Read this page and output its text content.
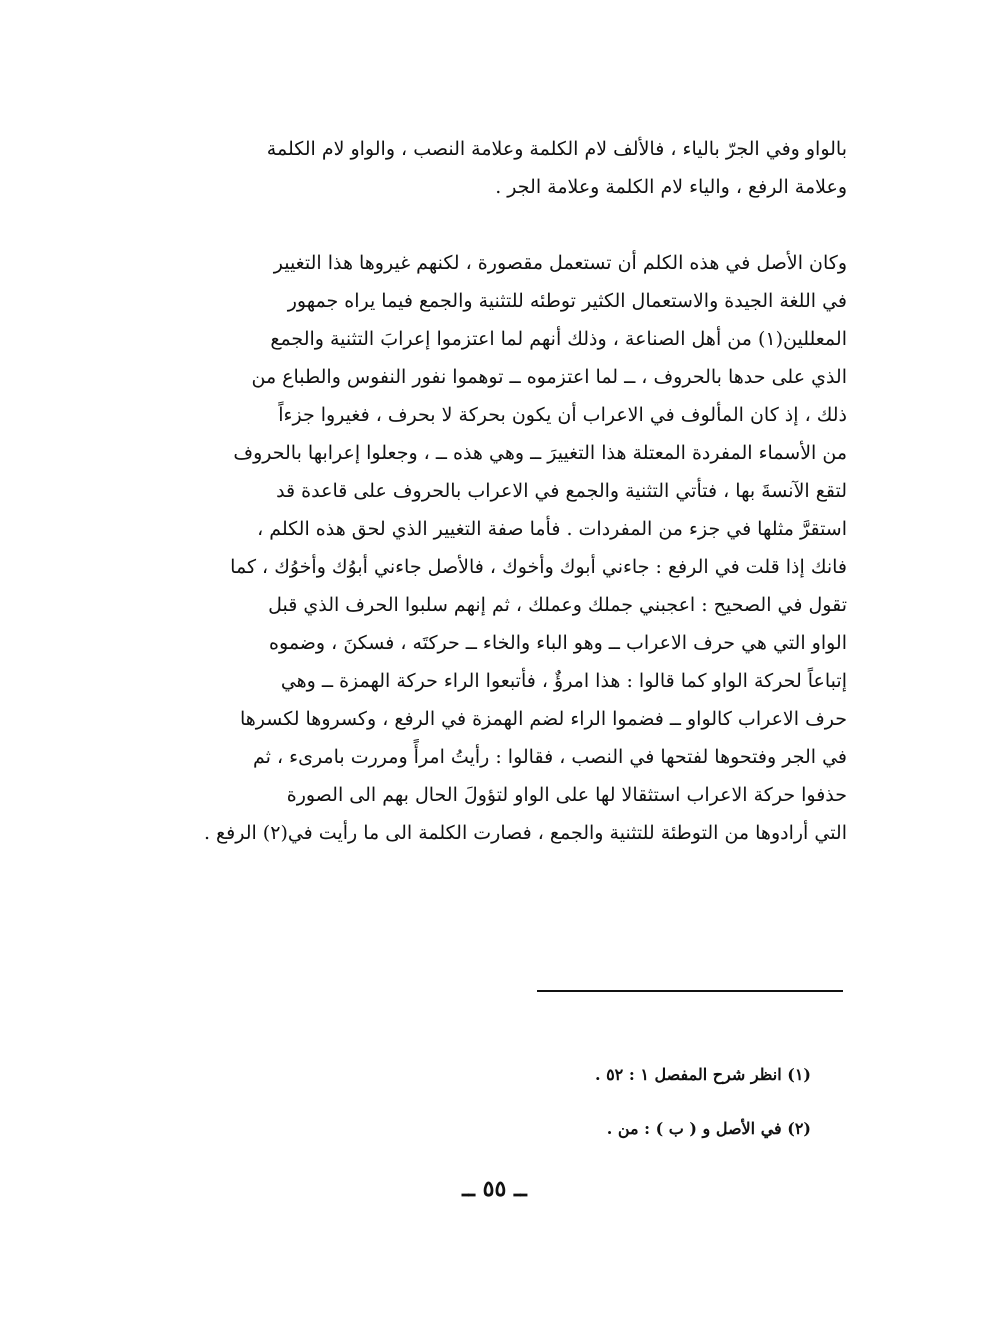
بالواو وفي الجرّ بالياء ، فالألف لام الكلمة وعلامة النصب ، والواو لام الكلمة
وعلامة الرفع ، والياء لام الكلمة وعلامة الجر .
وكان الأصل في هذه الكلم أن تستعمل مقصورة ، لكنهم غيروها هذا التغيير
في اللغة الجيدة والاستعمال الكثير توطئه للتثنية والجمع فيما يراه جمهور
المعللين(١) من أهل الصناعة ، وذلك أنهم لما اعتزموا إعرابَ التثنية والجمع
الذي على حدها بالحروف ، ــ لما اعتزموه ــ توهموا نفور النفوس والطباع من
ذلك ، إذ كان المألوف في الاعراب أن يكون بحركة لا بحرف ، فغيروا جزءاً
من الأسماء المفردة المعتلة هذا التغييرَ ــ وهي هذه ــ ، وجعلوا إعرابها بالحروف
لتقع الآنسةَ بها ، فتأتي التثنية والجمع في الاعراب بالحروف على قاعدة قد
استقرَّ مثلها في جزء من المفردات . فأما صفة التغيير الذي لحق هذه الكلم ،
فانك إذا قلت في الرفع : جاءني أبوك وأخوك ، فالأصل جاءني أبوُك وأخوُك ، كما
تقول في الصحيح : اعجبني جملك وعملك ، ثم إنهم سلبوا الحرف الذي قبل
الواو التي هي حرف الاعراب ــ وهو الباء والخاء ــ حركتَه ، فسكنَ ، وضموه
إتباعاً لحركة الواو كما قالوا : هذا امرؤٌ ، فأتبعوا الراء حركة الهمزة ــ وهي
حرف الاعراب كالواو ــ فضموا الراء لضم الهمزة في الرفع ، وكسروها لكسرها
في الجر وفتحوها لفتحها في النصب ، فقالوا : رأيتُ امرأً ومررت بامرىء ، ثم
حذفوا حركة الاعراب استثقالا لها على الواو لتؤولَ الحال بهم الى الصورة
التي أرادوها من التوطئة للتثنية والجمع ، فصارت الكلمة الى ما رأيت في(٢) الرفع .
(١) انظر شرح المفصل ١ : ٥٢ .
(٢) في الأصل و ( ب ) : من .
ــ ٥٥ ــ
